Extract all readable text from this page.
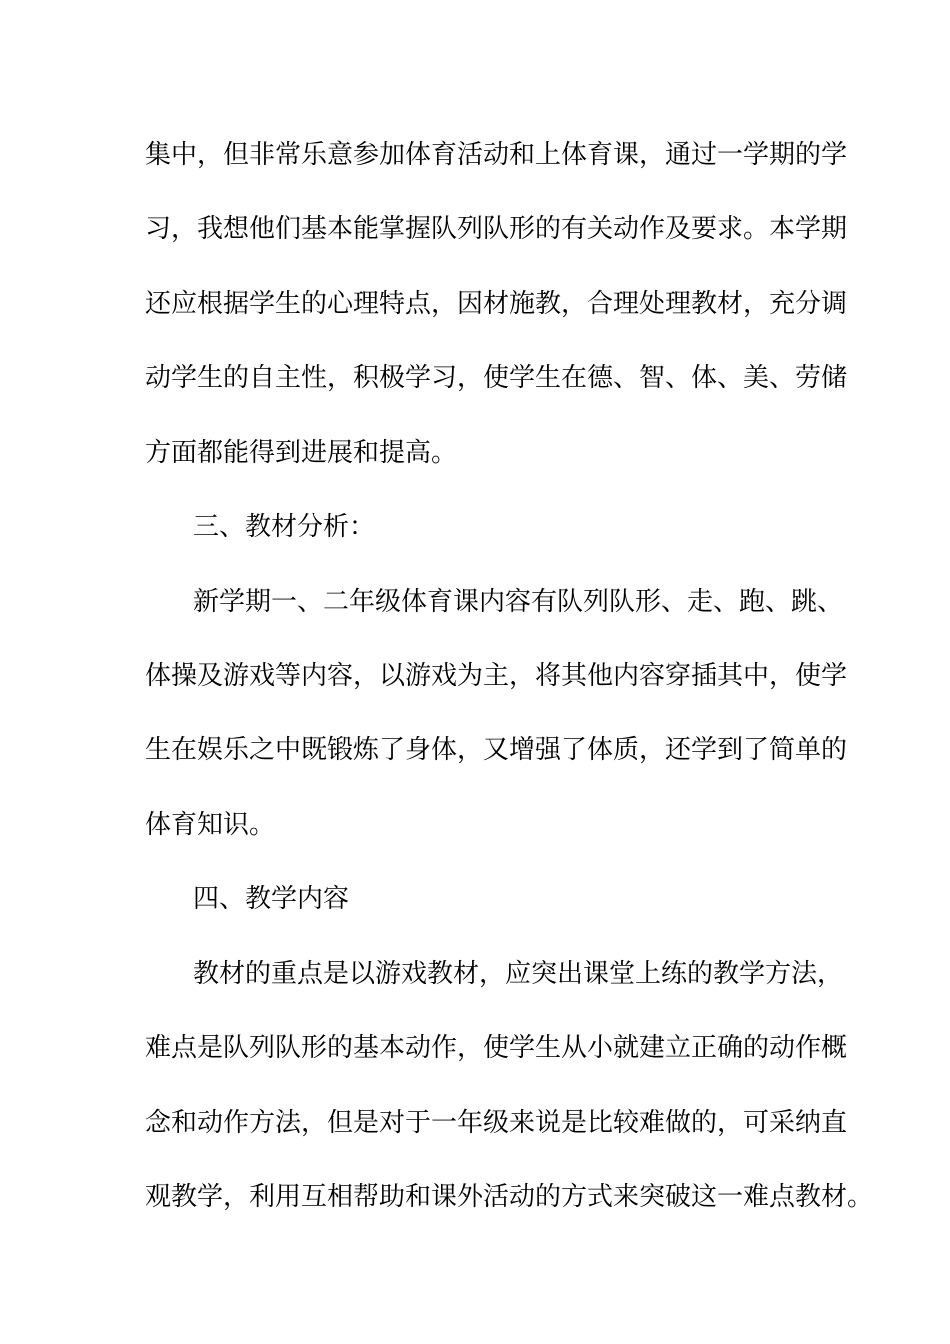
集中，但非常乐意参加体育活动和上体育课，通过一学期的学
习，我想他们基本能掌握队列队形的有关动作及要求。本学期
还应根据学生的心理特点，因材施教，合理处理教材，充分调
动学生的自主性，积极学习，使学生在德、智、体、美、劳储
方面都能得到进展和提高。
三、教材分析：
新学期一、二年级体育课内容有队列队形、走、跑、跳、
体操及游戏等内容，以游戏为主，将其他内容穿插其中，使学
生在娱乐之中既锻炼了身体，又增强了体质，还学到了简单的
体育知识。
四、教学内容
教材的重点是以游戏教材，应突出课堂上练的教学方法，
难点是队列队形的基本动作，使学生从小就建立正确的动作概
念和动作方法，但是对于一年级来说是比较难做的，可采纳直
观教学，利用互相帮助和课外活动的方式来突破这一难点教材。
